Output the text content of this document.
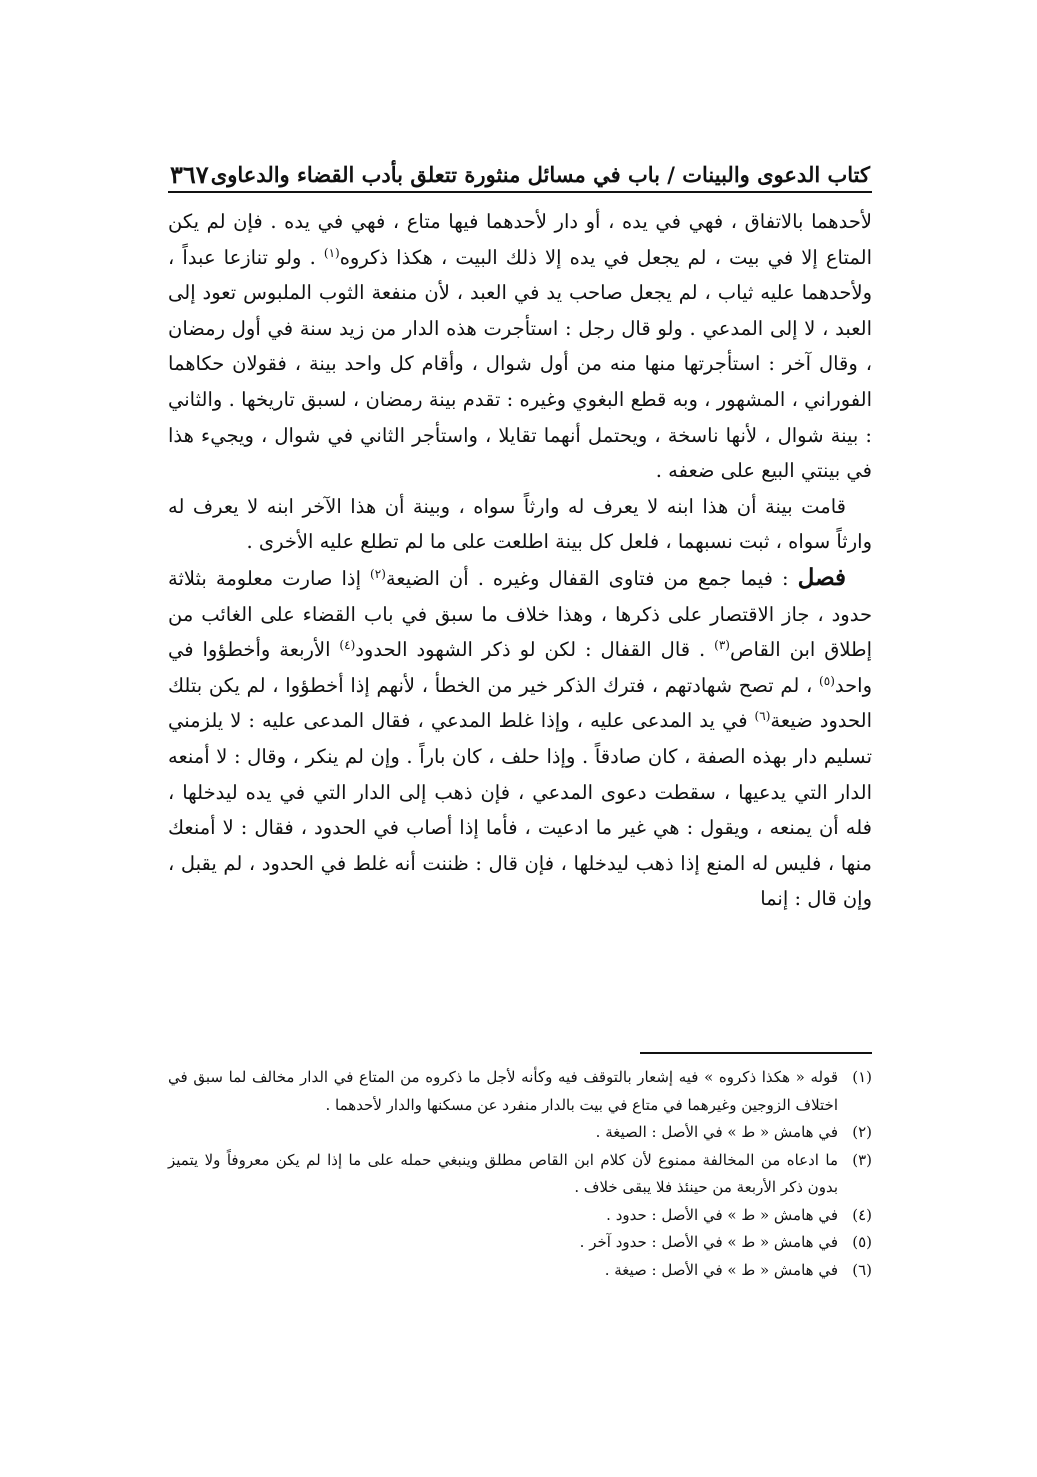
كتاب الدعوى والبينات / باب في مسائل منثورة تتعلق بأدب القضاء والدعاوى
٣٦٧

لأحدهما بالاتفاق ، فهي في يده ، أو دار لأحدهما فيها متاع ، فهي في يده . فإن لم يكن المتاع إلا في بيت ، لم يجعل في يده إلا ذلك البيت ، هكذا ذكروه$^{(١)}$ . ولو تنازعا عبداً ، ولأحدهما عليه ثياب ، لم يجعل صاحب يد في العبد ، لأن منفعة الثوب الملبوس تعود إلى العبد ، لا إلى المدعي . ولو قال رجل : استأجرت هذه الدار من زيد سنة في أول رمضان ، وقال آخر : استأجرتها منها منه من أول شوال ، وأقام كل واحد بينة ، فقولان حكاهما الفوراني ، المشهور ، وبه قطع البغوي وغيره : تقدم بينة رمضان ، لسبق تاريخها . والثاني : بينة شوال ، لأنها ناسخة ، ويحتمل أنهما تقايلا ، واستأجر الثاني في شوال ، ويجيء هذا في بينتي البيع على ضعفه .

قامت بينة أن هذا ابنه لا يعرف له وارثاً سواه ، وبينة أن هذا الآخر ابنه لا يعرف له وارثاً سواه ، ثبت نسبهما ، فلعل كل بينة اطلعت على ما لم تطلع عليه الأخرى .

فصل : فيما جمع من فتاوى القفال وغيره . أن الضيعة$^{(٢)}$ إذا صارت معلومة بثلاثة حدود ، جاز الاقتصار على ذكرها ، وهذا خلاف ما سبق في باب القضاء على الغائب من إطلاق ابن القاص$^{(٣)}$ . قال القفال : لكن لو ذكر الشهود الحدود$^{(٤)}$ الأربعة وأخطؤوا في واحد$^{(٥)}$ ، لم تصح شهادتهم ، فترك الذكر خير من الخطأ ، لأنهم إذا أخطؤوا ، لم يكن بتلك الحدود ضيعة$^{(٦)}$ في يد المدعى عليه ، وإذا غلط المدعي ، فقال المدعى عليه : لا يلزمني تسليم دار بهذه الصفة ، كان صادقاً . وإذا حلف ، كان باراً . وإن لم ينكر ، وقال : لا أمنعه الدار التي يدعيها ، سقطت دعوى المدعي ، فإن ذهب إلى الدار التي في يده ليدخلها ، فله أن يمنعه ، ويقول : هي غير ما ادعيت ، فأما إذا أصاب في الحدود ، فقال : لا أمنعك منها ، فليس له المنع إذا ذهب ليدخلها ، فإن قال : ظننت أنه غلط في الحدود ، لم يقبل ، وإن قال : إنما

(١)
قوله « هكذا ذكروه » فيه إشعار بالتوقف فيه وكأنه لأجل ما ذكروه من المتاع في الدار مخالف لما سبق في اختلاف الزوجين وغيرهما في متاع في بيت بالدار منفرد عن مسكنها والدار لأحدهما .
(٢)
في هامش « ط » في الأصل : الصيغة .
(٣)
ما ادعاه من المخالفة ممنوع لأن كلام ابن القاص مطلق وينبغي حمله على ما إذا لم يكن معروفاً ولا يتميز بدون ذكر الأربعة من حينئذ فلا يبقى خلاف .
(٤)
في هامش « ط » في الأصل : حدود .
(٥)
في هامش « ط » في الأصل : حدود آخر .
(٦)
في هامش « ط » في الأصل : صيغة .
